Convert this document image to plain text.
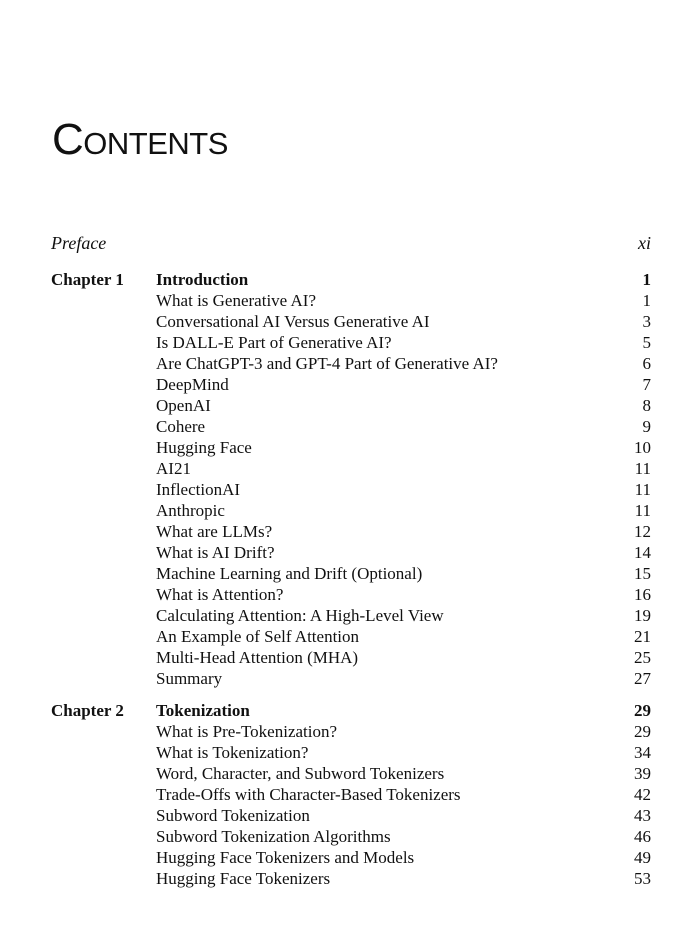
Contents
Preface	xi
Chapter 1 Introduction	1
What is Generative AI?	1
Conversational AI Versus Generative AI	3
Is DALL-E Part of Generative AI?	5
Are ChatGPT-3 and GPT-4 Part of Generative AI?	6
DeepMind	7
OpenAI	8
Cohere	9
Hugging Face	10
AI21	11
InflectionAI	11
Anthropic	11
What are LLMs?	12
What is AI Drift?	14
Machine Learning and Drift (Optional)	15
What is Attention?	16
Calculating Attention: A High-Level View	19
An Example of Self Attention	21
Multi-Head Attention (MHA)	25
Summary	27
Chapter 2 Tokenization	29
What is Pre-Tokenization?	29
What is Tokenization?	34
Word, Character, and Subword Tokenizers	39
Trade-Offs with Character-Based Tokenizers	42
Subword Tokenization	43
Subword Tokenization Algorithms	46
Hugging Face Tokenizers and Models	49
Hugging Face Tokenizers	53
